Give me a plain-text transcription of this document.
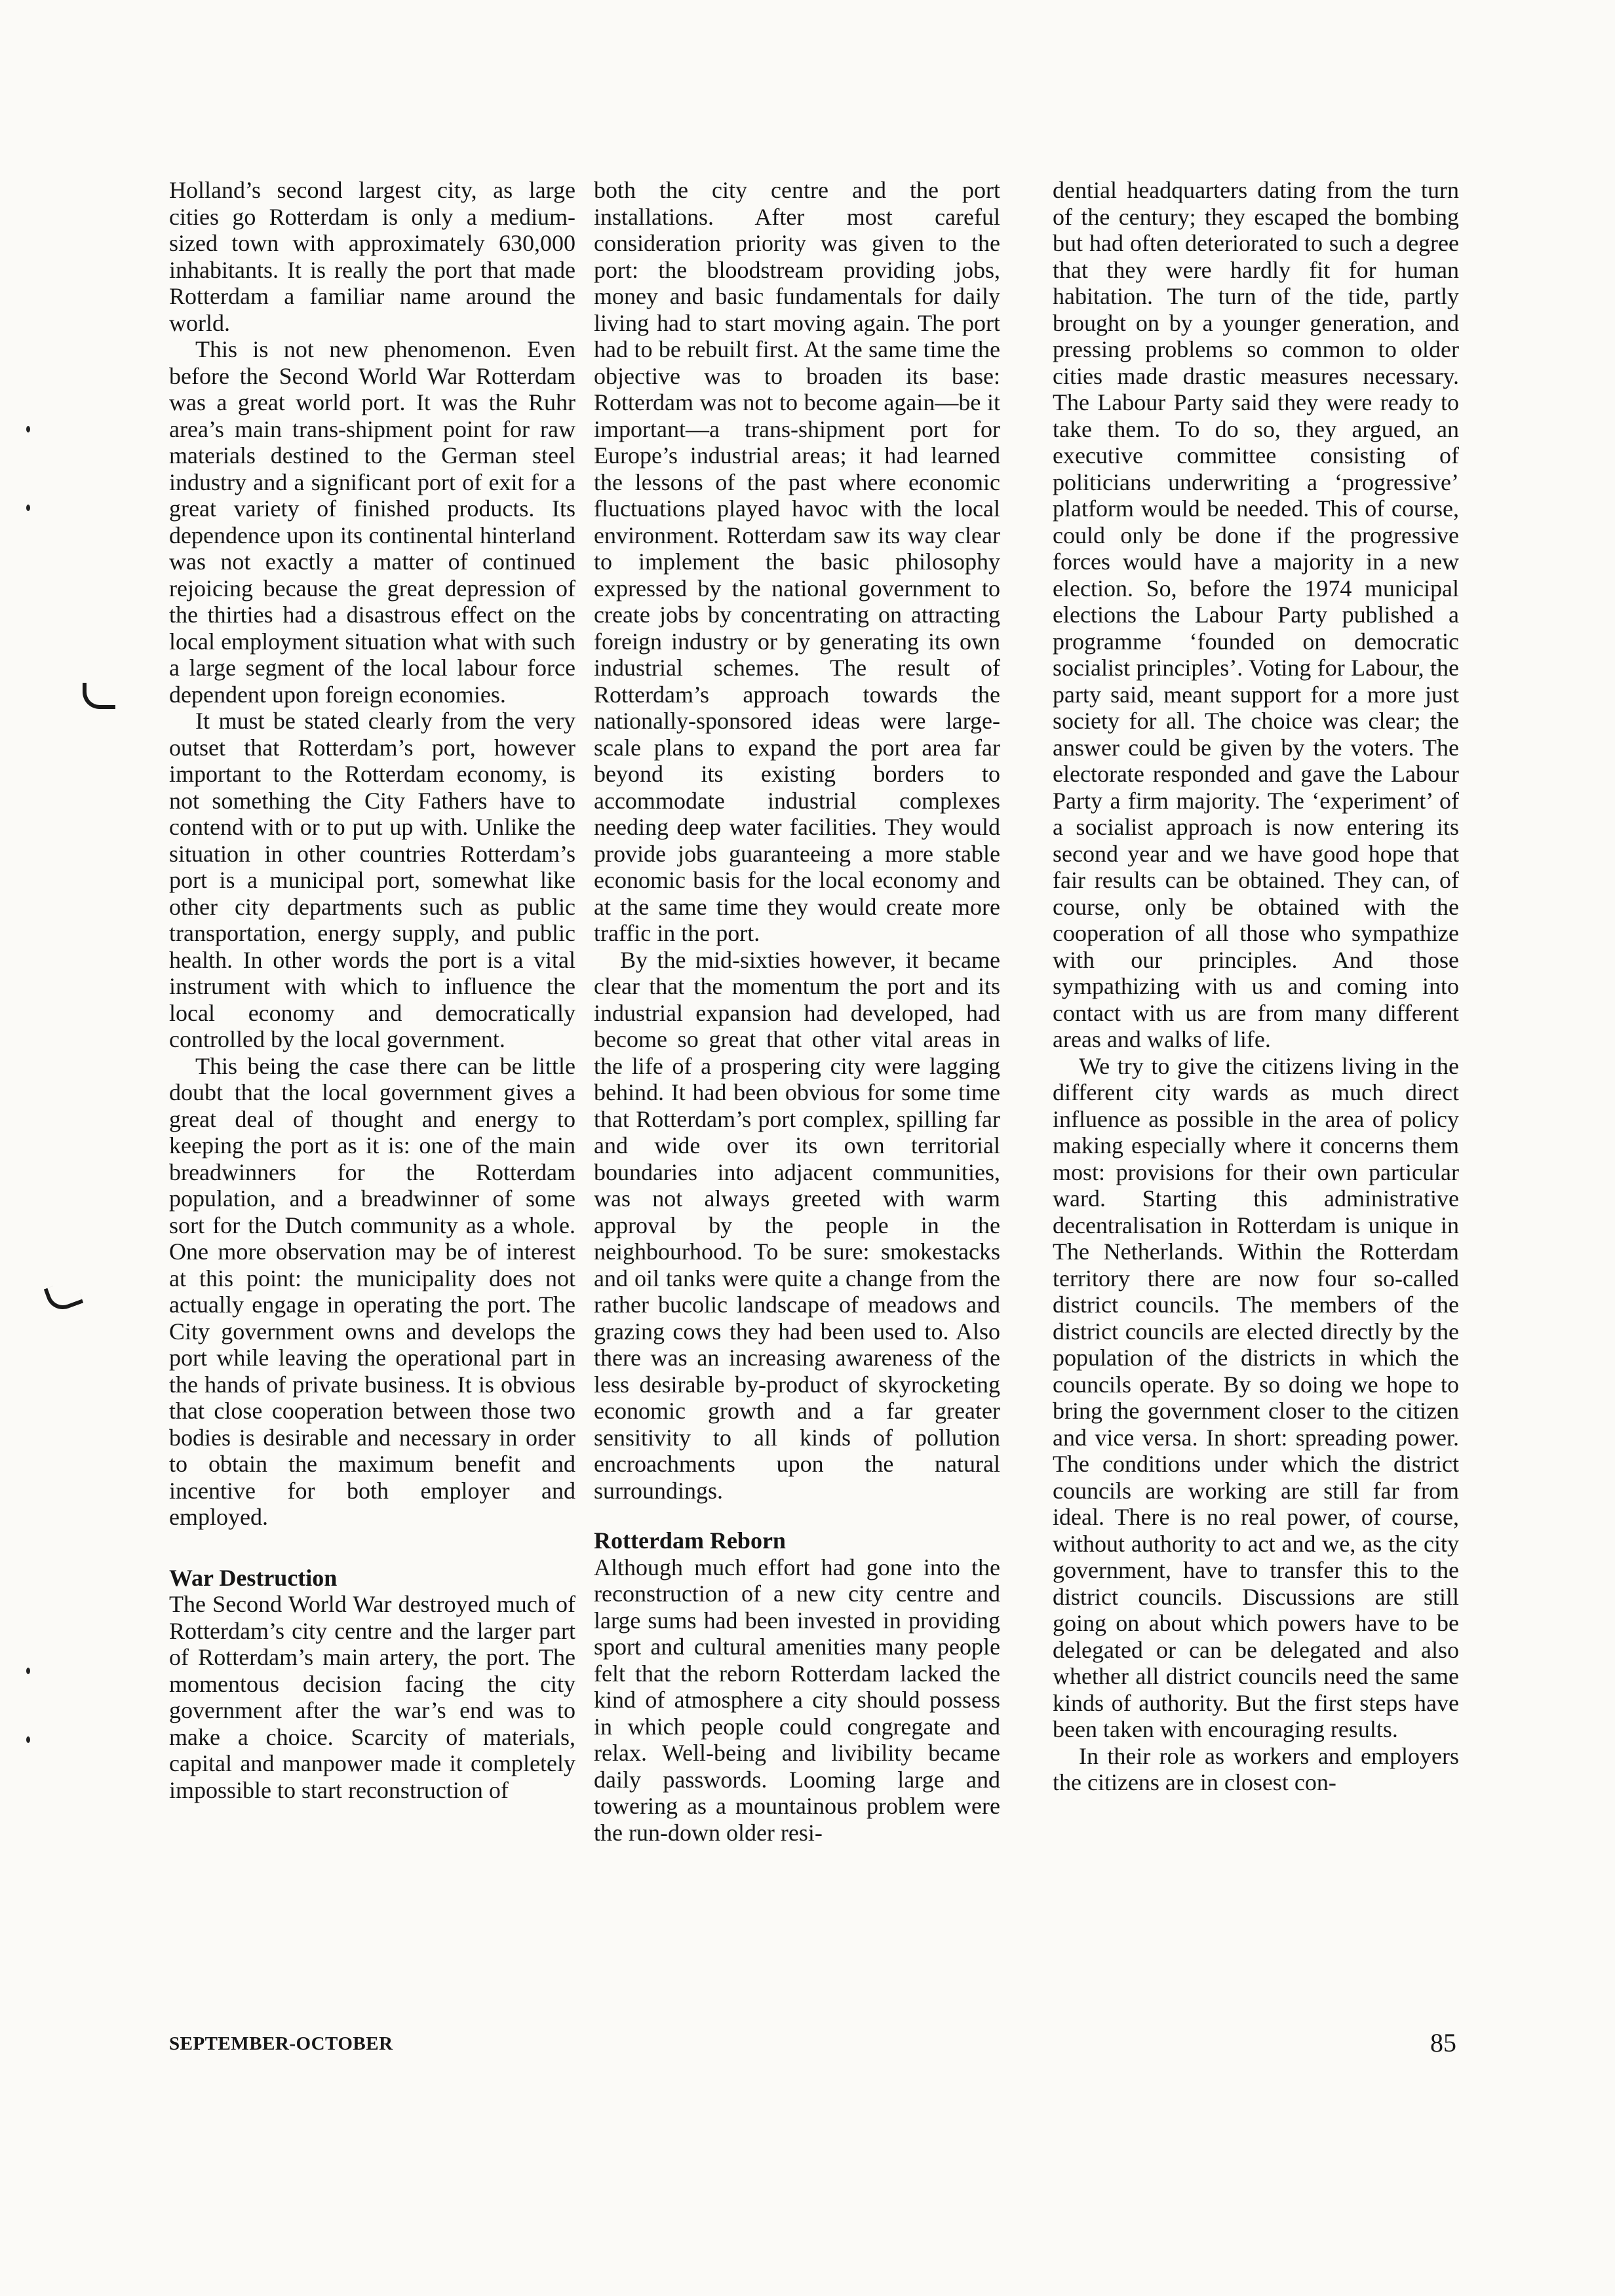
Holland’s second largest city, as large cities go Rotterdam is only a medium-sized town with approximately 630,000 inhabitants. It is really the port that made Rotterdam a familiar name around the world.

This is not new phenomenon. Even before the Second World War Rotterdam was a great world port. It was the Ruhr area’s main trans-shipment point for raw materials destined to the German steel industry and a significant port of exit for a great variety of finished products. Its dependence upon its continental hinterland was not exactly a matter of continued rejoicing because the great depression of the thirties had a disastrous effect on the local employment situation what with such a large segment of the local labour force dependent upon foreign economies.

It must be stated clearly from the very outset that Rotterdam’s port, however important to the Rotterdam economy, is not something the City Fathers have to contend with or to put up with. Unlike the situation in other countries Rotterdam’s port is a municipal port, somewhat like other city departments such as public transportation, energy supply, and public health. In other words the port is a vital instrument with which to influence the local economy and democratically controlled by the local government.

This being the case there can be little doubt that the local government gives a great deal of thought and energy to keeping the port as it is: one of the main breadwinners for the Rotterdam population, and a breadwinner of some sort for the Dutch community as a whole. One more observation may be of interest at this point: the municipality does not actually engage in operating the port. The City government owns and develops the port while leaving the operational part in the hands of private business. It is obvious that close cooperation between those two bodies is desirable and necessary in order to obtain the maximum benefit and incentive for both employer and employed.

War Destruction

The Second World War destroyed much of Rotterdam’s city centre and the larger part of Rotterdam’s main artery, the port. The momentous decision facing the city government after the war’s end was to make a choice. Scarcity of materials, capital and manpower made it completely impossible to start reconstruction of

both the city centre and the port installations. After most careful consideration priority was given to the port: the bloodstream providing jobs, money and basic fundamentals for daily living had to start moving again. The port had to be rebuilt first. At the same time the objective was to broaden its base: Rotterdam was not to become again—be it important—a trans-shipment port for Europe’s industrial areas; it had learned the lessons of the past where economic fluctuations played havoc with the local environment. Rotterdam saw its way clear to implement the basic philosophy expressed by the national government to create jobs by concentrating on attracting foreign industry or by generating its own industrial schemes. The result of Rotterdam’s approach towards the nationally-sponsored ideas were large-scale plans to expand the port area far beyond its existing borders to accommodate industrial complexes needing deep water facilities. They would provide jobs guaranteeing a more stable economic basis for the local economy and at the same time they would create more traffic in the port.

By the mid-sixties however, it became clear that the momentum the port and its industrial expansion had developed, had become so great that other vital areas in the life of a prospering city were lagging behind. It had been obvious for some time that Rotterdam’s port complex, spilling far and wide over its own territorial boundaries into adjacent communities, was not always greeted with warm approval by the people in the neighbourhood. To be sure: smokestacks and oil tanks were quite a change from the rather bucolic landscape of meadows and grazing cows they had been used to. Also there was an increasing awareness of the less desirable by-product of skyrocketing economic growth and a far greater sensitivity to all kinds of pollution encroachments upon the natural surroundings.

Rotterdam Reborn

Although much effort had gone into the reconstruction of a new city centre and large sums had been invested in providing sport and cultural amenities many people felt that the reborn Rotterdam lacked the kind of atmosphere a city should possess in which people could congregate and relax. Well-being and livibility became daily passwords. Looming large and towering as a mountainous problem were the run-down older resi-

dential headquarters dating from the turn of the century; they escaped the bombing but had often deteriorated to such a degree that they were hardly fit for human habitation. The turn of the tide, partly brought on by a younger generation, and pressing problems so common to older cities made drastic measures necessary. The Labour Party said they were ready to take them. To do so, they argued, an executive committee consisting of politicians underwriting a ‘progressive’ platform would be needed. This of course, could only be done if the progressive forces would have a majority in a new election. So, before the 1974 municipal elections the Labour Party published a programme ‘founded on democratic socialist principles’. Voting for Labour, the party said, meant support for a more just society for all. The choice was clear; the answer could be given by the voters. The electorate responded and gave the Labour Party a firm majority. The ‘experiment’ of a socialist approach is now entering its second year and we have good hope that fair results can be obtained. They can, of course, only be obtained with the cooperation of all those who sympathize with our principles. And those sympathizing with us and coming into contact with us are from many different areas and walks of life.

We try to give the citizens living in the different city wards as much direct influence as possible in the area of policy making especially where it concerns them most: provisions for their own particular ward. Starting this administrative decentralisation in Rotterdam is unique in The Netherlands. Within the Rotterdam territory there are now four so-called district councils. The members of the district councils are elected directly by the population of the districts in which the councils operate. By so doing we hope to bring the government closer to the citizen and vice versa. In short: spreading power. The conditions under which the district councils are working are still far from ideal. There is no real power, of course, without authority to act and we, as the city government, have to transfer this to the district councils. Discussions are still going on about which powers have to be delegated or can be delegated and also whether all district councils need the same kinds of authority. But the first steps have been taken with encouraging results.

In their role as workers and employers the citizens are in closest con-

SEPTEMBER-OCTOBER	85
